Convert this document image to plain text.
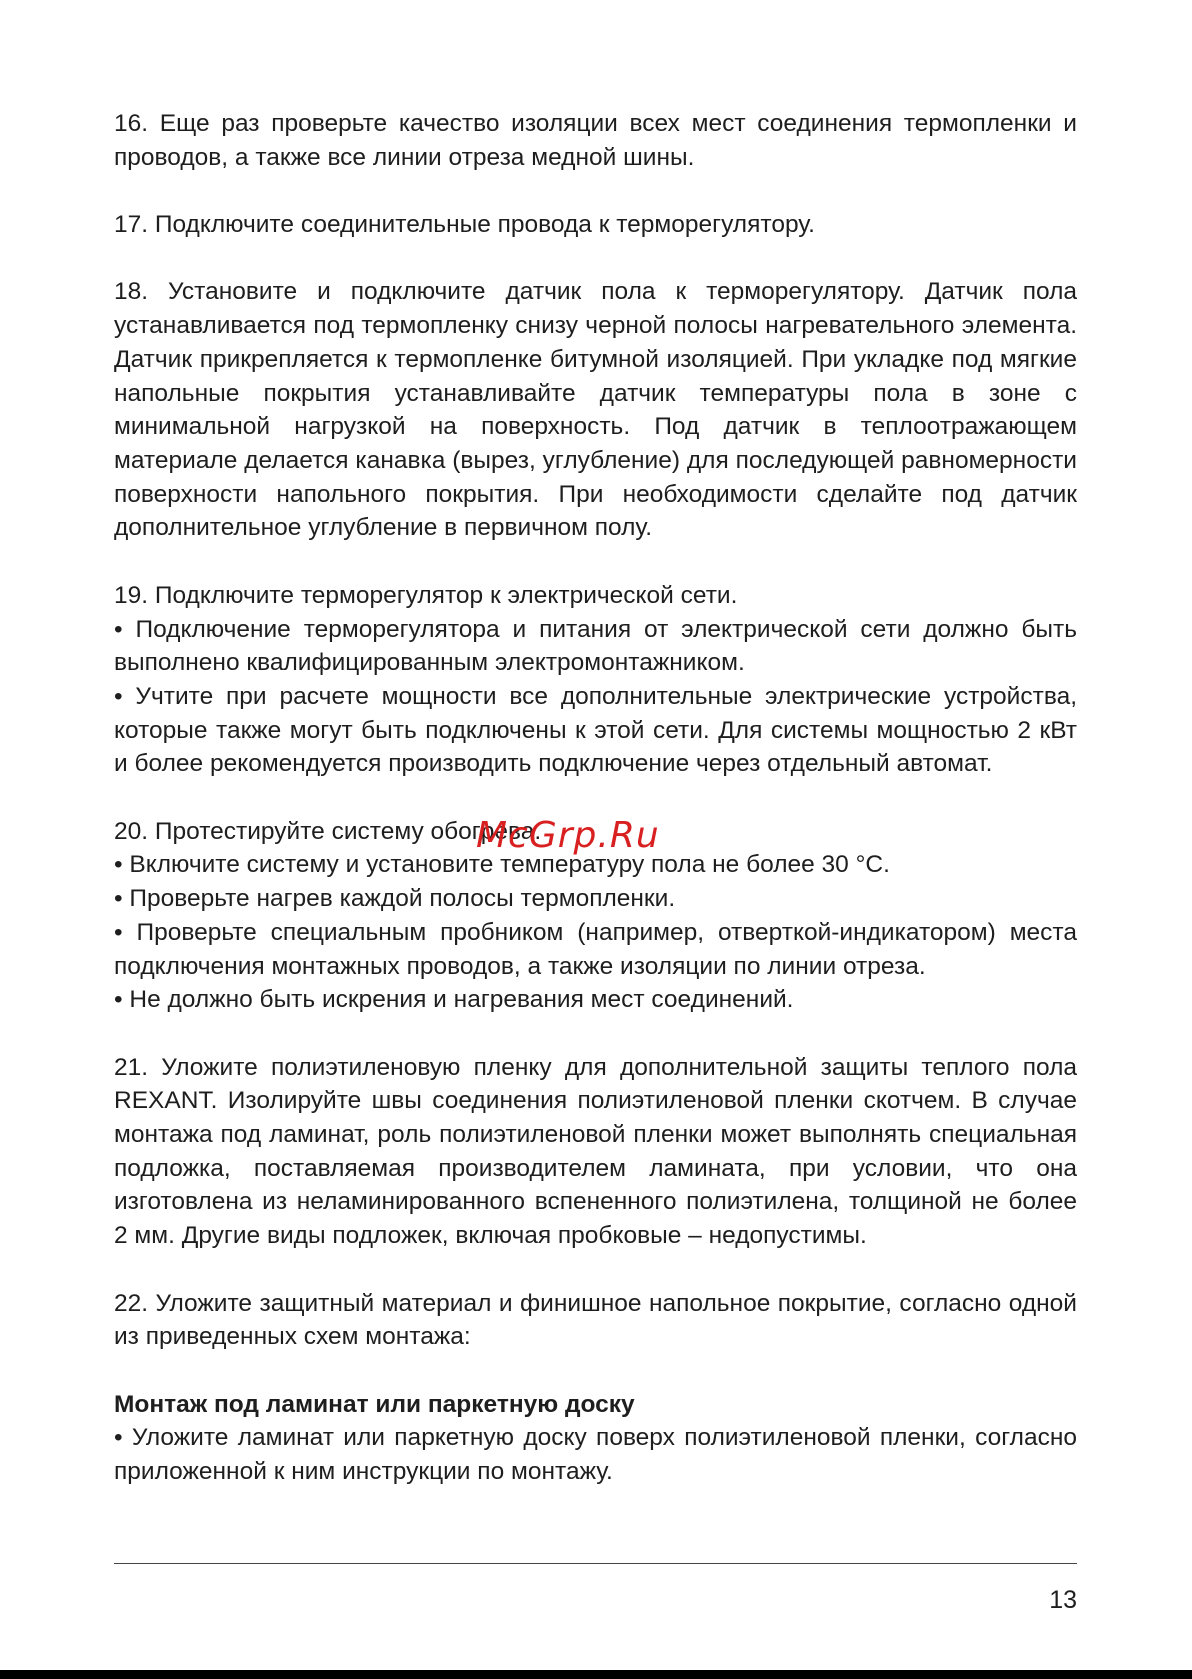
16. Еще раз проверьте качество изоляции всех мест соединения термопленки и проводов, а также все линии отреза медной шины.

17. Подключите соединительные провода к терморегулятору.

18. Установите и подключите датчик пола к терморегулятору. Датчик пола устанавливается под термопленку снизу черной полосы нагревательного элемента. Датчик прикрепляется к термопленке битумной изоляцией. При укладке под мягкие напольные покрытия устанавливайте датчик температуры пола в зоне с минимальной нагрузкой на поверхность. Под датчик в теплоотражающем материале делается канавка (вырез, углубление) для последующей равномерности поверхности напольного покрытия. При необходимости сделайте под датчик дополнительное углубление в первичном полу.

19. Подключите терморегулятор к электрической сети.

• Подключение терморегулятора и питания от электрической сети должно быть выполнено квалифицированным электромонтажником.

• Учтите при расчете мощности все дополнительные электрические устройства, которые также могут быть подключены к этой сети. Для системы мощностью 2 кВт и более рекомендуется производить подключение через отдельный автомат.

20. Протестируйте систему обогрева.

• Включите систему и установите температуру пола не более 30 °С.

• Проверьте нагрев каждой полосы термопленки.

• Проверьте специальным пробником (например, отверткой-индикатором) места подключения монтажных проводов, а также изоляции по линии отреза.

• Не должно быть искрения и нагревания мест соединений.

21. Уложите полиэтиленовую пленку для дополнительной защиты теплого пола REXANT. Изолируйте швы соединения полиэтиленовой пленки скотчем. В случае монтажа под ламинат, роль полиэтиленовой пленки может выполнять специальная подложка, поставляемая производителем ламината, при условии, что она изготовлена из неламинированного вспененного полиэтилена, толщиной не более 2 мм. Другие виды подложек, включая пробковые – недопустимы.

22. Уложите защитный материал и финишное напольное покрытие, согласно одной из приведенных схем монтажа:

Монтаж под ламинат или паркетную доску

• Уложите ламинат или паркетную доску поверх полиэтиленовой пленки, согласно приложенной к ним инструкции по монтажу.

McGrp.Ru
13
